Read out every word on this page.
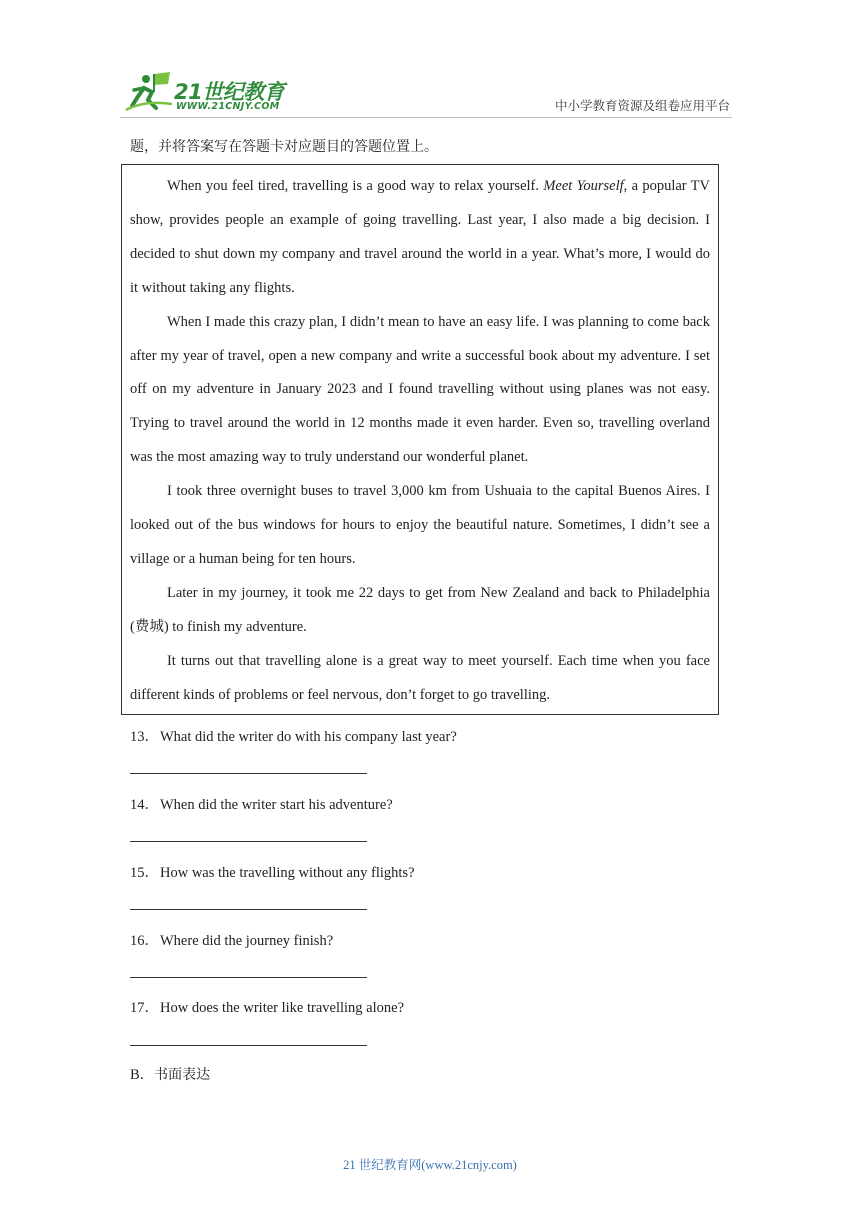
21世纪教育
WWW.21CNJY.COM	中小学教育资源及组卷应用平台
题，并将答案写在答题卡对应题目的答题位置上。

When you feel tired, travelling is a good way to relax yourself. Meet Yourself, a popular TV show, provides people an example of going travelling. Last year, I also made a big decision. I decided to shut down my company and travel around the world in a year. What’s more, I would do it without taking any flights.

When I made this crazy plan, I didn’t mean to have an easy life. I was planning to come back after my year of travel, open a new company and write a successful book about my adventure. I set off on my adventure in January 2023 and I found travelling without using planes was not easy. Trying to travel around the world in 12 months made it even harder. Even so, travelling overland was the most amazing way to truly understand our wonderful planet.

I took three overnight buses to travel 3,000 km from Ushuaia to the capital Buenos Aires. I looked out of the bus windows for hours to enjoy the beautiful nature. Sometimes, I didn’t see a village or a human being for ten hours.

Later in my journey, it took me 22 days to get from New Zealand and back to Philadelphia (费城) to finish my adventure.

It turns out that travelling alone is a great way to meet yourself. Each time when you face different kinds of problems or feel nervous, don’t forget to go travelling.

13．What did the writer do with his company last year?
14．When did the writer start his adventure?
15．How was the travelling without any flights?
16．Where did the journey finish?
17．How does the writer like travelling alone?
B．书面表达
21 世纪教育网(www.21cnjy.com)
